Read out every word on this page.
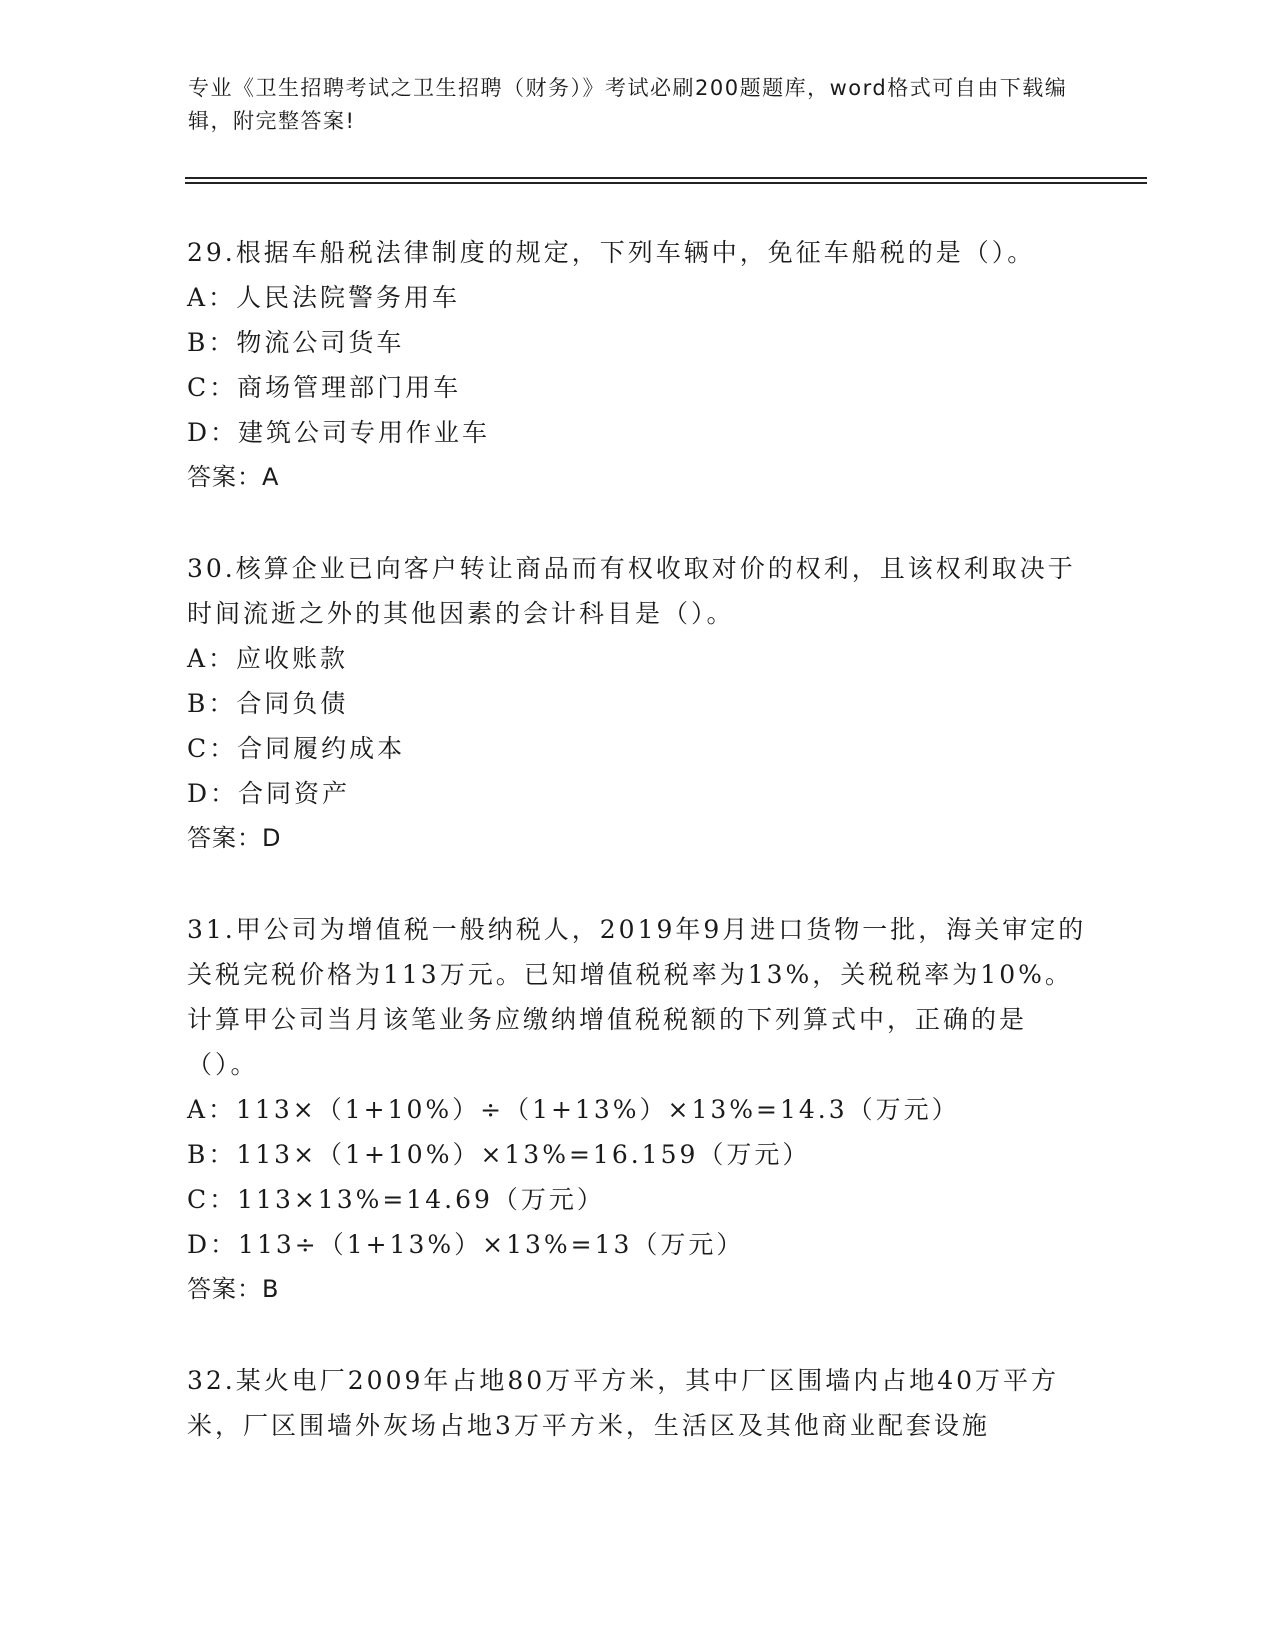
专业《卫生招聘考试之卫生招聘（财务）》考试必刷200题题库，word格式可自由下载编辑，附完整答案!

29.根据车船税法律制度的规定，下列车辆中，免征车船税的是（）。

A：人民法院警务用车

B：物流公司货车

C：商场管理部门用车

D：建筑公司专用作业车

答案：A

30.核算企业已向客户转让商品而有权收取对价的权利，且该权利取决于时间流逝之外的其他因素的会计科目是（）。

A：应收账款

B：合同负债

C：合同履约成本

D：合同资产

答案：D

31.甲公司为增值税一般纳税人，2019年9月进口货物一批，海关审定的关税完税价格为113万元。已知增值税税率为13%，关税税率为10%。计算甲公司当月该笔业务应缴纳增值税税额的下列算式中，正确的是（）。

A：113×（1+10%）÷（1+13%）×13%=14.3（万元）

B：113×（1+10%）×13%=16.159（万元）

C：113×13%=14.69（万元）

D：113÷（1+13%）×13%=13（万元）

答案：B

32.某火电厂2009年占地80万平方米，其中厂区围墙内占地40万平方米，厂区围墙外灰场占地3万平方米，生活区及其他商业配套设施
